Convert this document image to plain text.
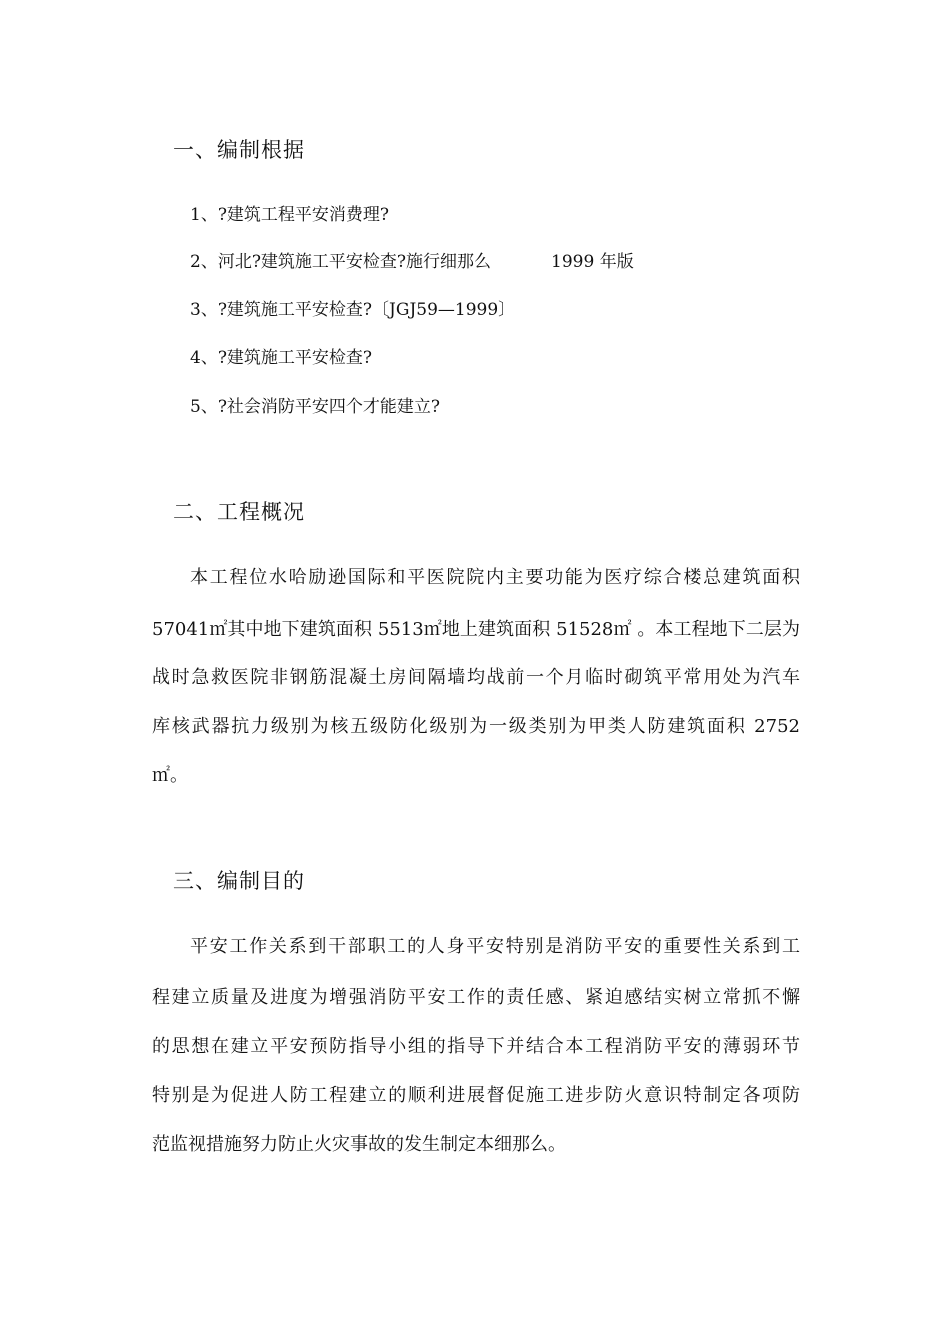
一、编制根据
1、?建筑工程平安消费理?
2、河北?建筑施工平安检查?施行细那么	1999 年版
3、?建筑施工平安检查?〔JGJ59—1999〕
4、?建筑施工平安检查?
5、?社会消防平安四个才能建立?
二、工程概况
本工程位水哈励逊国际和平医院院内主要功能为医疗综合楼总建筑面积
57041㎡其中地下建筑面积 5513㎡地上建筑面积 51528㎡ 。本工程地下二层为
战时急救医院非钢筋混凝土房间隔墙均战前一个月临时砌筑平常用处为汽车
库核武器抗力级别为核五级防化级别为一级类别为甲类人防建筑面积 2752
㎡。
三、编制目的
平安工作关系到干部职工的人身平安特别是消防平安的重要性关系到工
程建立质量及进度为增强消防平安工作的责任感、紧迫感结实树立常抓不懈
的思想在建立平安预防指导小组的指导下并结合本工程消防平安的薄弱环节
特别是为促进人防工程建立的顺利进展督促施工进步防火意识特制定各项防
范监视措施努力防止火灾事故的发生制定本细那么。
